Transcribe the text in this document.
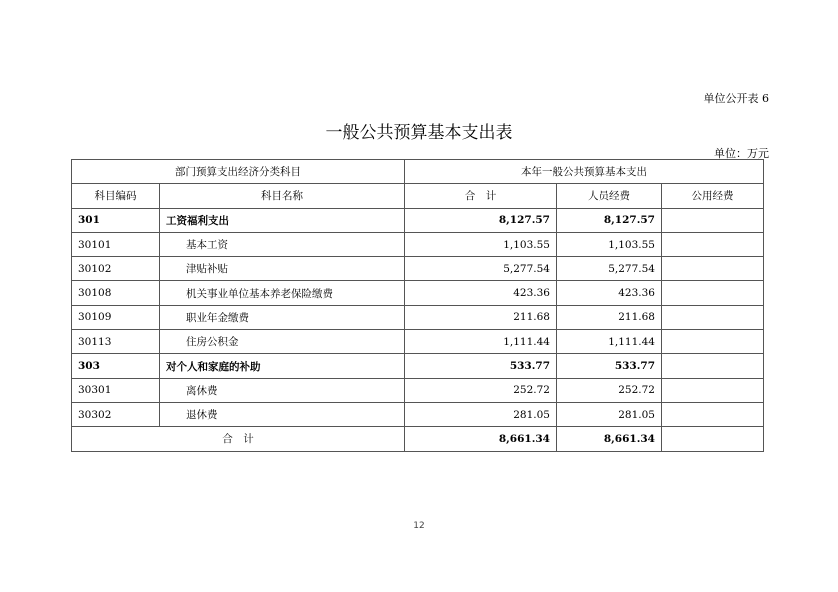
单位公开表 6
一般公共预算基本支出表
单位：万元
部门预算支出经济分类科目		本年一般公共预算基本支出		
科目编码	科目名称	合　计	人员经费	公用经费
301	工资福利支出	8,127.57	8,127.57	
30101	基本工资	1,103.55	1,103.55	
30102	津贴补贴	5,277.54	5,277.54	
30108	机关事业单位基本养老保险缴费	423.36	423.36	
30109	职业年金缴费	211.68	211.68	
30113	住房公积金	1,111.44	1,111.44	
303	对个人和家庭的补助	533.77	533.77	
30301	离休费	252.72	252.72	
30302	退休费	281.05	281.05	
合　计		8,661.34	8,661.34	
12
